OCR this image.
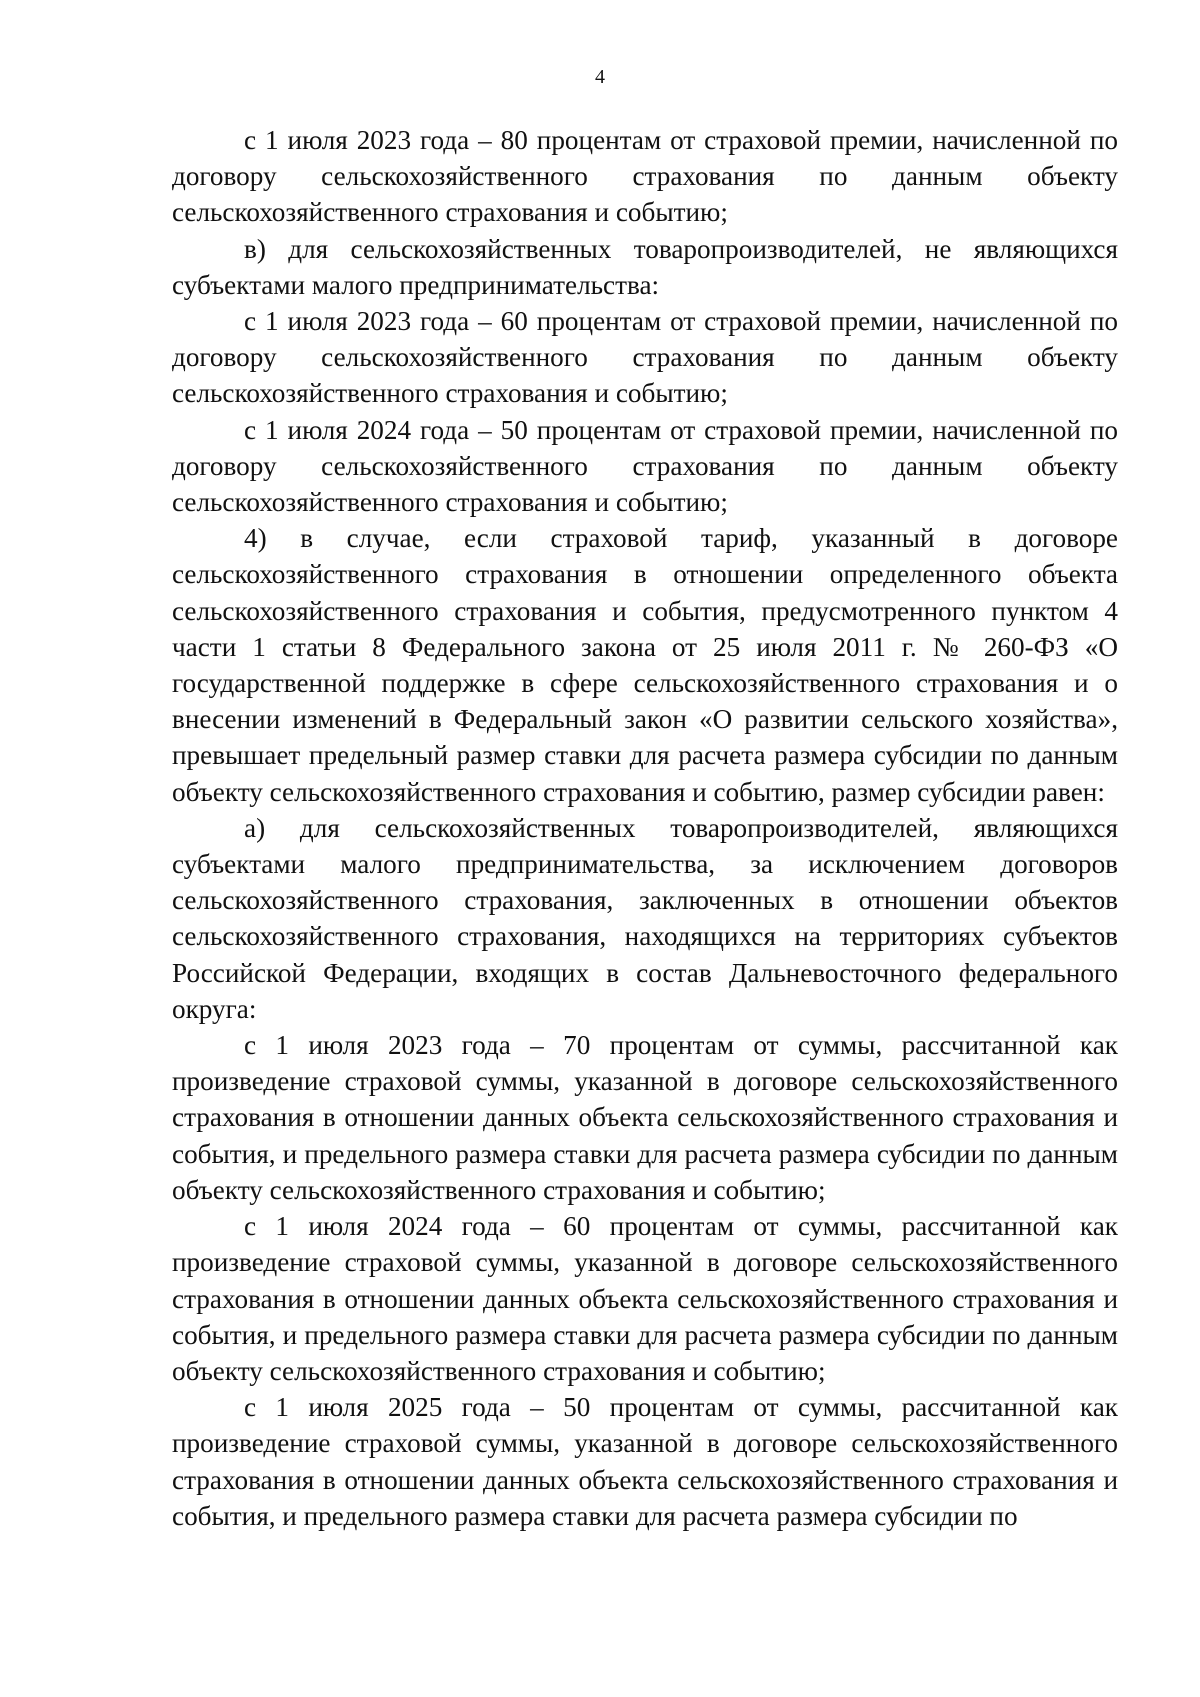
4

с 1 июля 2023 года – 80 процентам от страховой премии, начисленной по договору сельскохозяйственного страхования по данным объекту сельскохозяйственного страхования и событию;

в) для сельскохозяйственных товаропроизводителей, не являющихся субъектами малого предпринимательства:

с 1 июля 2023 года – 60 процентам от страховой премии, начисленной по договору сельскохозяйственного страхования по данным объекту сельскохозяйственного страхования и событию;

с 1 июля 2024 года – 50 процентам от страховой премии, начисленной по договору сельскохозяйственного страхования по данным объекту сельскохозяйственного страхования и событию;

4) в случае, если страховой тариф, указанный в договоре сельскохозяйственного страхования в отношении определенного объекта сельскохозяйственного страхования и события, предусмотренного пунктом 4 части 1 статьи 8 Федерального закона от 25 июля 2011 г. № 260-ФЗ «О государственной поддержке в сфере сельскохозяйственного страхования и о внесении изменений в Федеральный закон «О развитии сельского хозяйства», превышает предельный размер ставки для расчета размера субсидии по данным объекту сельскохозяйственного страхования и событию, размер субсидии равен:

а) для сельскохозяйственных товаропроизводителей, являющихся субъектами малого предпринимательства, за исключением договоров сельскохозяйственного страхования, заключенных в отношении объектов сельскохозяйственного страхования, находящихся на территориях субъектов Российской Федерации, входящих в состав Дальневосточного федерального округа:

с 1 июля 2023 года – 70 процентам от суммы, рассчитанной как произведение страховой суммы, указанной в договоре сельскохозяйственного страхования в отношении данных объекта сельскохозяйственного страхования и события, и предельного размера ставки для расчета размера субсидии по данным объекту сельскохозяйственного страхования и событию;

с 1 июля 2024 года – 60 процентам от суммы, рассчитанной как произведение страховой суммы, указанной в договоре сельскохозяйственного страхования в отношении данных объекта сельскохозяйственного страхования и события, и предельного размера ставки для расчета размера субсидии по данным объекту сельскохозяйственного страхования и событию;

с 1 июля 2025 года – 50 процентам от суммы, рассчитанной как произведение страховой суммы, указанной в договоре сельскохозяйственного страхования в отношении данных объекта сельскохозяйственного страхования и события, и предельного размера ставки для расчета размера субсидии по
